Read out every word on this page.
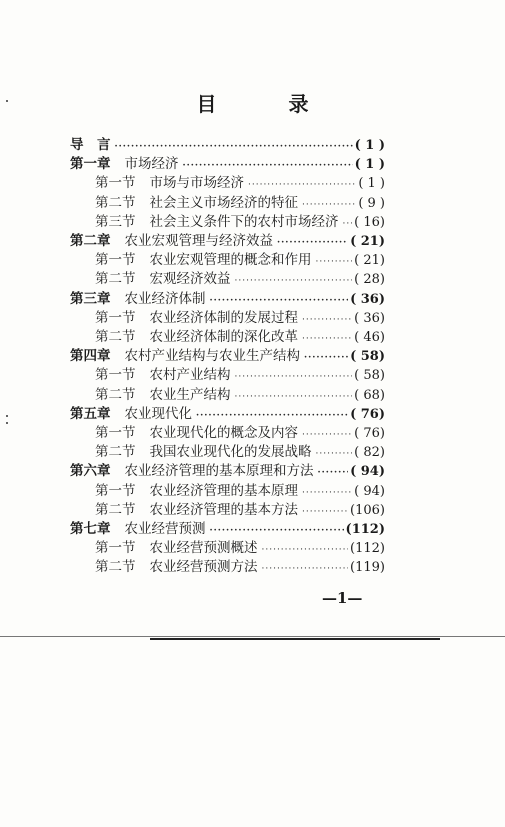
目　录
导　言 ·····	( 1 )
第一章 市场经济 ·····	( 1 )
第一节 市场与市场经济 ·····	( 1 )
第二节 社会主义市场经济的特征 ·····	( 9 )
第三节 社会主义条件下的农村市场经济 ····· ( 16)
第二章 农业宏观管理与经济效益 ·····	( 21)
第一节 农业宏观管理的概念和作用 ·····	( 21)
第二节 宏观经济效益 ·····	( 28)
第三章 农业经济体制 ·····	( 36)
第一节 农业经济体制的发展过程 ·····	( 36)
第二节 农业经济体制的深化改革 ·····	( 46)
第四章 农村产业结构与农业生产结构 ·····	( 58)
第一节 农村产业结构 ·····	( 58)
第二节 农业生产结构 ·····	( 68)
第五章 农业现代化 ·····	( 76)
第一节 农业现代化的概念及内容 ·····	( 76)
第二节 我国农业现代化的发展战略 ·····	( 82)
第六章 农业经济管理的基本原理和方法 ·····	( 94)
第一节 农业经济管理的基本原理 ·····	( 94)
第二节 农业经济管理的基本方法 ·····	(106)
第七章 农业经营预测 ·····	(112)
第一节 农业经营预测概述 ·····	(112)
第二节 农业经营预测方法 ·····	(119)
—1—
